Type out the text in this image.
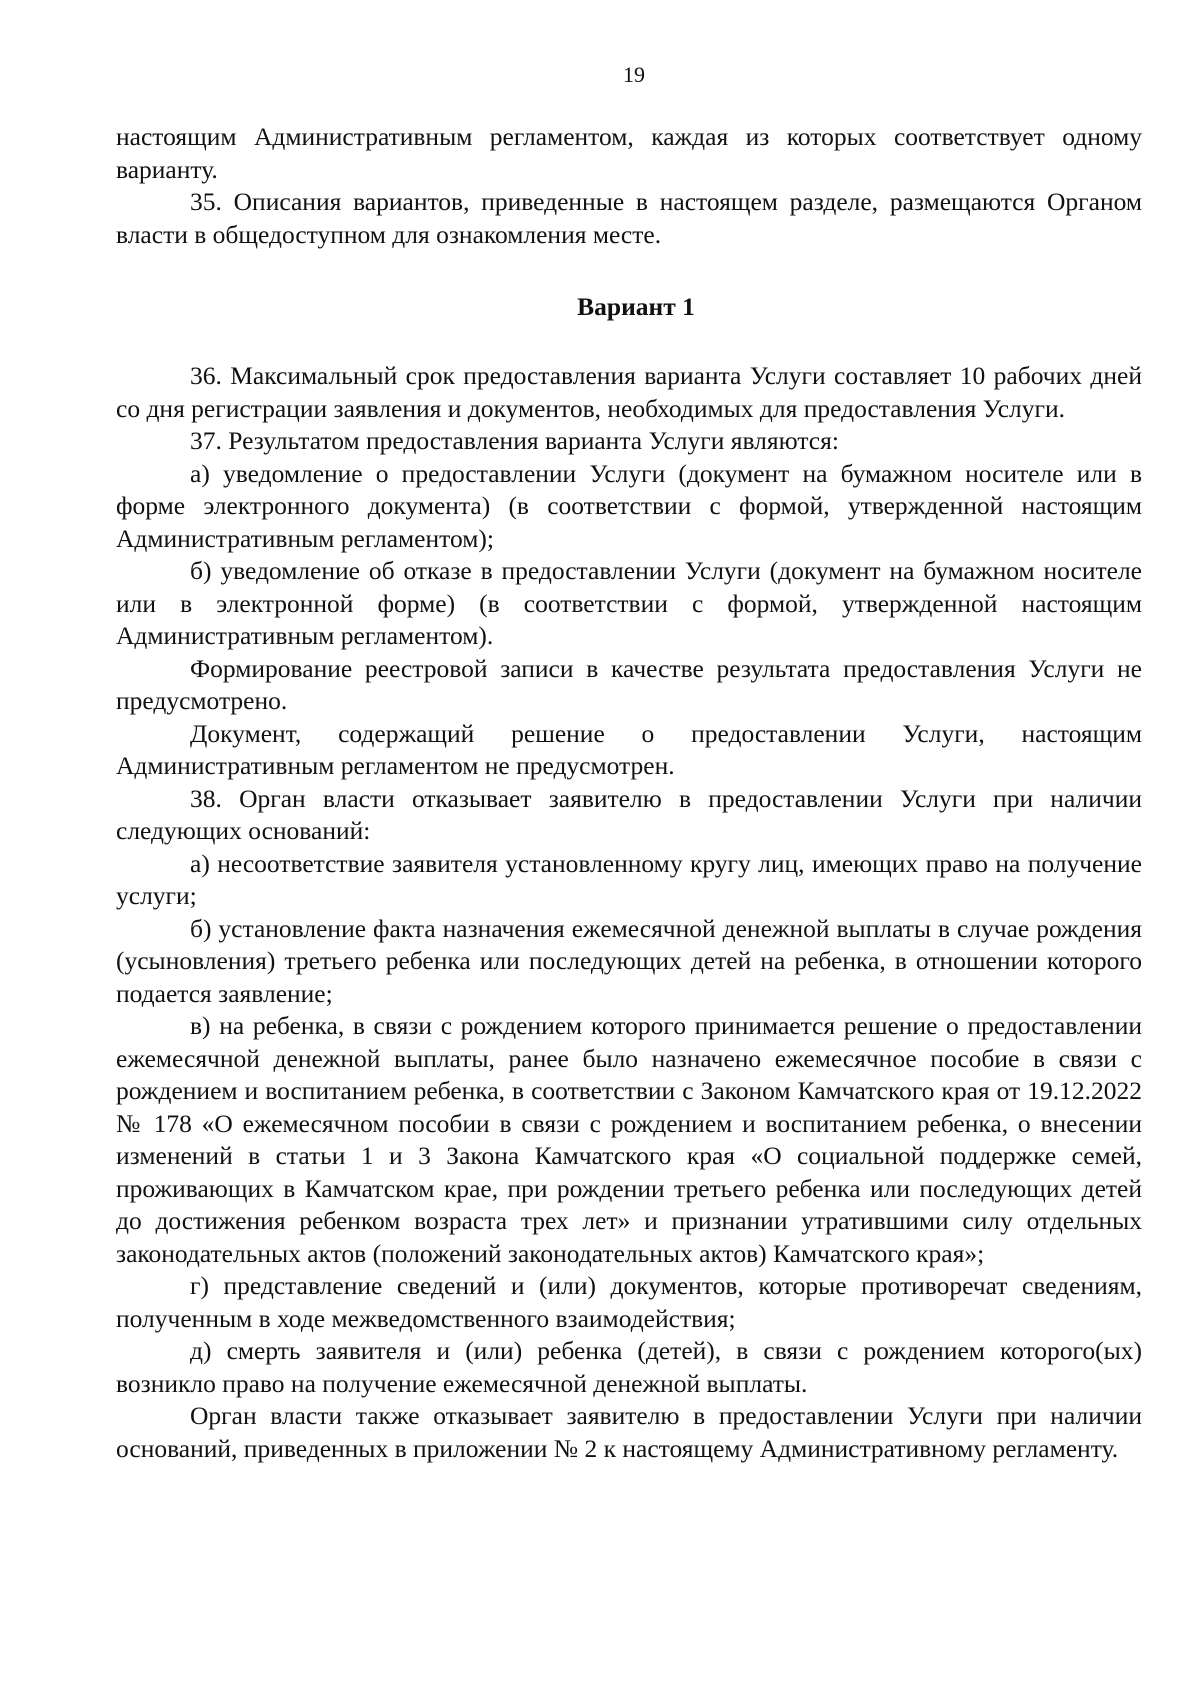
19

настоящим Административным регламентом, каждая из которых соответствует одному варианту.

35. Описания вариантов, приведенные в настоящем разделе, размещаются Органом власти в общедоступном для ознакомления месте.

Вариант 1

36. Максимальный срок предоставления варианта Услуги составляет 10 рабочих дней со дня регистрации заявления и документов, необходимых для предоставления Услуги.

37. Результатом предоставления варианта Услуги являются:

а) уведомление о предоставлении Услуги (документ на бумажном носителе или в форме электронного документа) (в соответствии с формой, утвержденной настоящим Административным регламентом);

б) уведомление об отказе в предоставлении Услуги (документ на бумажном носителе или в электронной форме) (в соответствии с формой, утвержденной настоящим Административным регламентом).

Формирование реестровой записи в качестве результата предоставления Услуги не предусмотрено.

Документ, содержащий решение о предоставлении Услуги, настоящим Административным регламентом не предусмотрен.

38. Орган власти отказывает заявителю в предоставлении Услуги при наличии следующих оснований:

а) несоответствие заявителя установленному кругу лиц, имеющих право на получение услуги;

б) установление факта назначения ежемесячной денежной выплаты в случае рождения (усыновления) третьего ребенка или последующих детей на ребенка, в отношении которого подается заявление;

в) на ребенка, в связи с рождением которого принимается решение о предоставлении ежемесячной денежной выплаты, ранее было назначено ежемесячное пособие в связи с рождением и воспитанием ребенка, в соответствии с Законом Камчатского края от 19.12.2022 № 178 «О ежемесячном пособии в связи с рождением и воспитанием ребенка, о внесении изменений в статьи 1 и 3 Закона Камчатского края «О социальной поддержке семей, проживающих в Камчатском крае, при рождении третьего ребенка или последующих детей до достижения ребенком возраста трех лет» и признании утратившими силу отдельных законодательных актов (положений законодательных актов) Камчатского края»;

г) представление сведений и (или) документов, которые противоречат сведениям, полученным в ходе межведомственного взаимодействия;

д) смерть заявителя и (или) ребенка (детей), в связи с рождением которого(ых) возникло право на получение ежемесячной денежной выплаты.

Орган власти также отказывает заявителю в предоставлении Услуги при наличии оснований, приведенных в приложении № 2 к настоящему Административному регламенту.
